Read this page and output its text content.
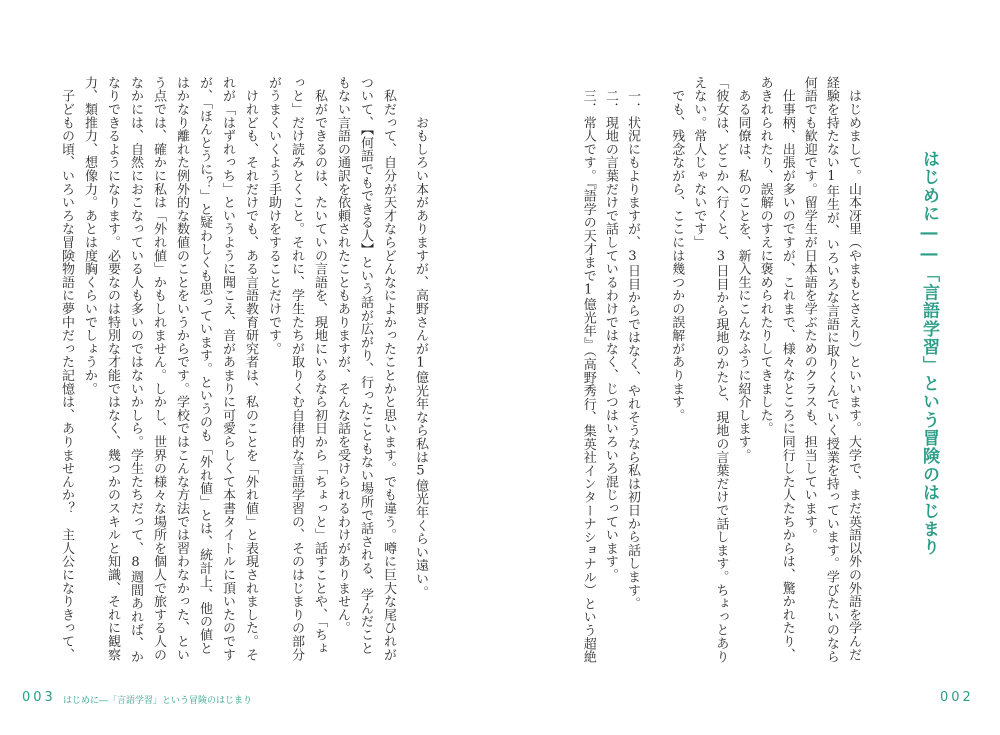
003 はじめに―「言語学習」という冒険のはじまり
　　　おもしろい本がありますが、高野さんが1億光年なら私は5億光年くらい遠い。
　私だって、自分が天才ならどんなによかったことかと思います。でも違う。噂に巨大な尾ひれが
ついて、【何語でもできる人】という話が広がり、行ったこともない場所で話される、学んだこと
もない言語の通訳を依頼されたこともありますが、そんな話を受けられるわけがありません。
　私ができるのは、たいていの言語を、現地にいるなら初日から「ちょっと」話すことや、「ちょ
っと」だけ読みとくこと。それに、学生たちが取りくむ自律的な言語学習の、そのはじまりの部分
がうまくいくよう手助けをすることだけです。
　けれども、それだけでも、ある言語教育研究者は、私のことを「外れ値」と表現されました。そ
れが「はずれっち」というように聞こえ、音があまりに可愛らしくて本書タイトルに頂いたのです
が、「ほんとうに？」と疑わしくも思っています。というのも「外れ値」とは、統計上、他の値と
はかなり離れた例外的な数値のことをいうからです。学校ではこんな方法では習わなかった、とい
う点では、確かに私は「外れ値」かもしれません。しかし、世界の様々な場所を個人で旅する人の
なかには、自然におこなっている人も多いのではないかしら。学生たちだって、8週間あれば、か
なりできるようになります。必要なのは特別な才能ではなく、幾つかのスキルと知識、それに観察
力、類推力、想像力。あとは度胸くらいでしょうか。
　子どもの頃、いろいろな冒険物語に夢中だった記憶は、ありませんか？　主人公になりきって、	はじめに――「言語学習」という冒険のはじまり
002
　はじめまして。山本冴里（やまもとさえり）といいます。大学で、まだ英語以外の外語を学んだ
経験を持たない1年生が、いろいろな言語に取りくんでいく授業を持っています。学びたいのなら
何語でも歓迎です。留学生が日本語を学ぶためのクラスも、担当しています。
　仕事柄、出張が多いのですが、これまで、様々なところに同行した人たちからは、驚かれたり、
あきれられたり、誤解のすえに褒められたりしてきました。
　ある同僚は、私のことを、新入生にこんなふうに紹介します。
「彼女は、どこかへ行くと、3日目から現地のかたと、現地の言葉だけで話します。ちょっとあり
えない。常人じゃないです」
　でも、残念ながら、ここには幾つかの誤解があります。
　一．状況にもよりますが、3日目からではなく、やれそうなら私は初日から話します。
　二．現地の言葉だけで話しているわけではなく、じつはいろいろ混じっています。
　三．常人です。『語学の天才まで1億光年』（高野秀行、集英社インターナショナル）という超絶
